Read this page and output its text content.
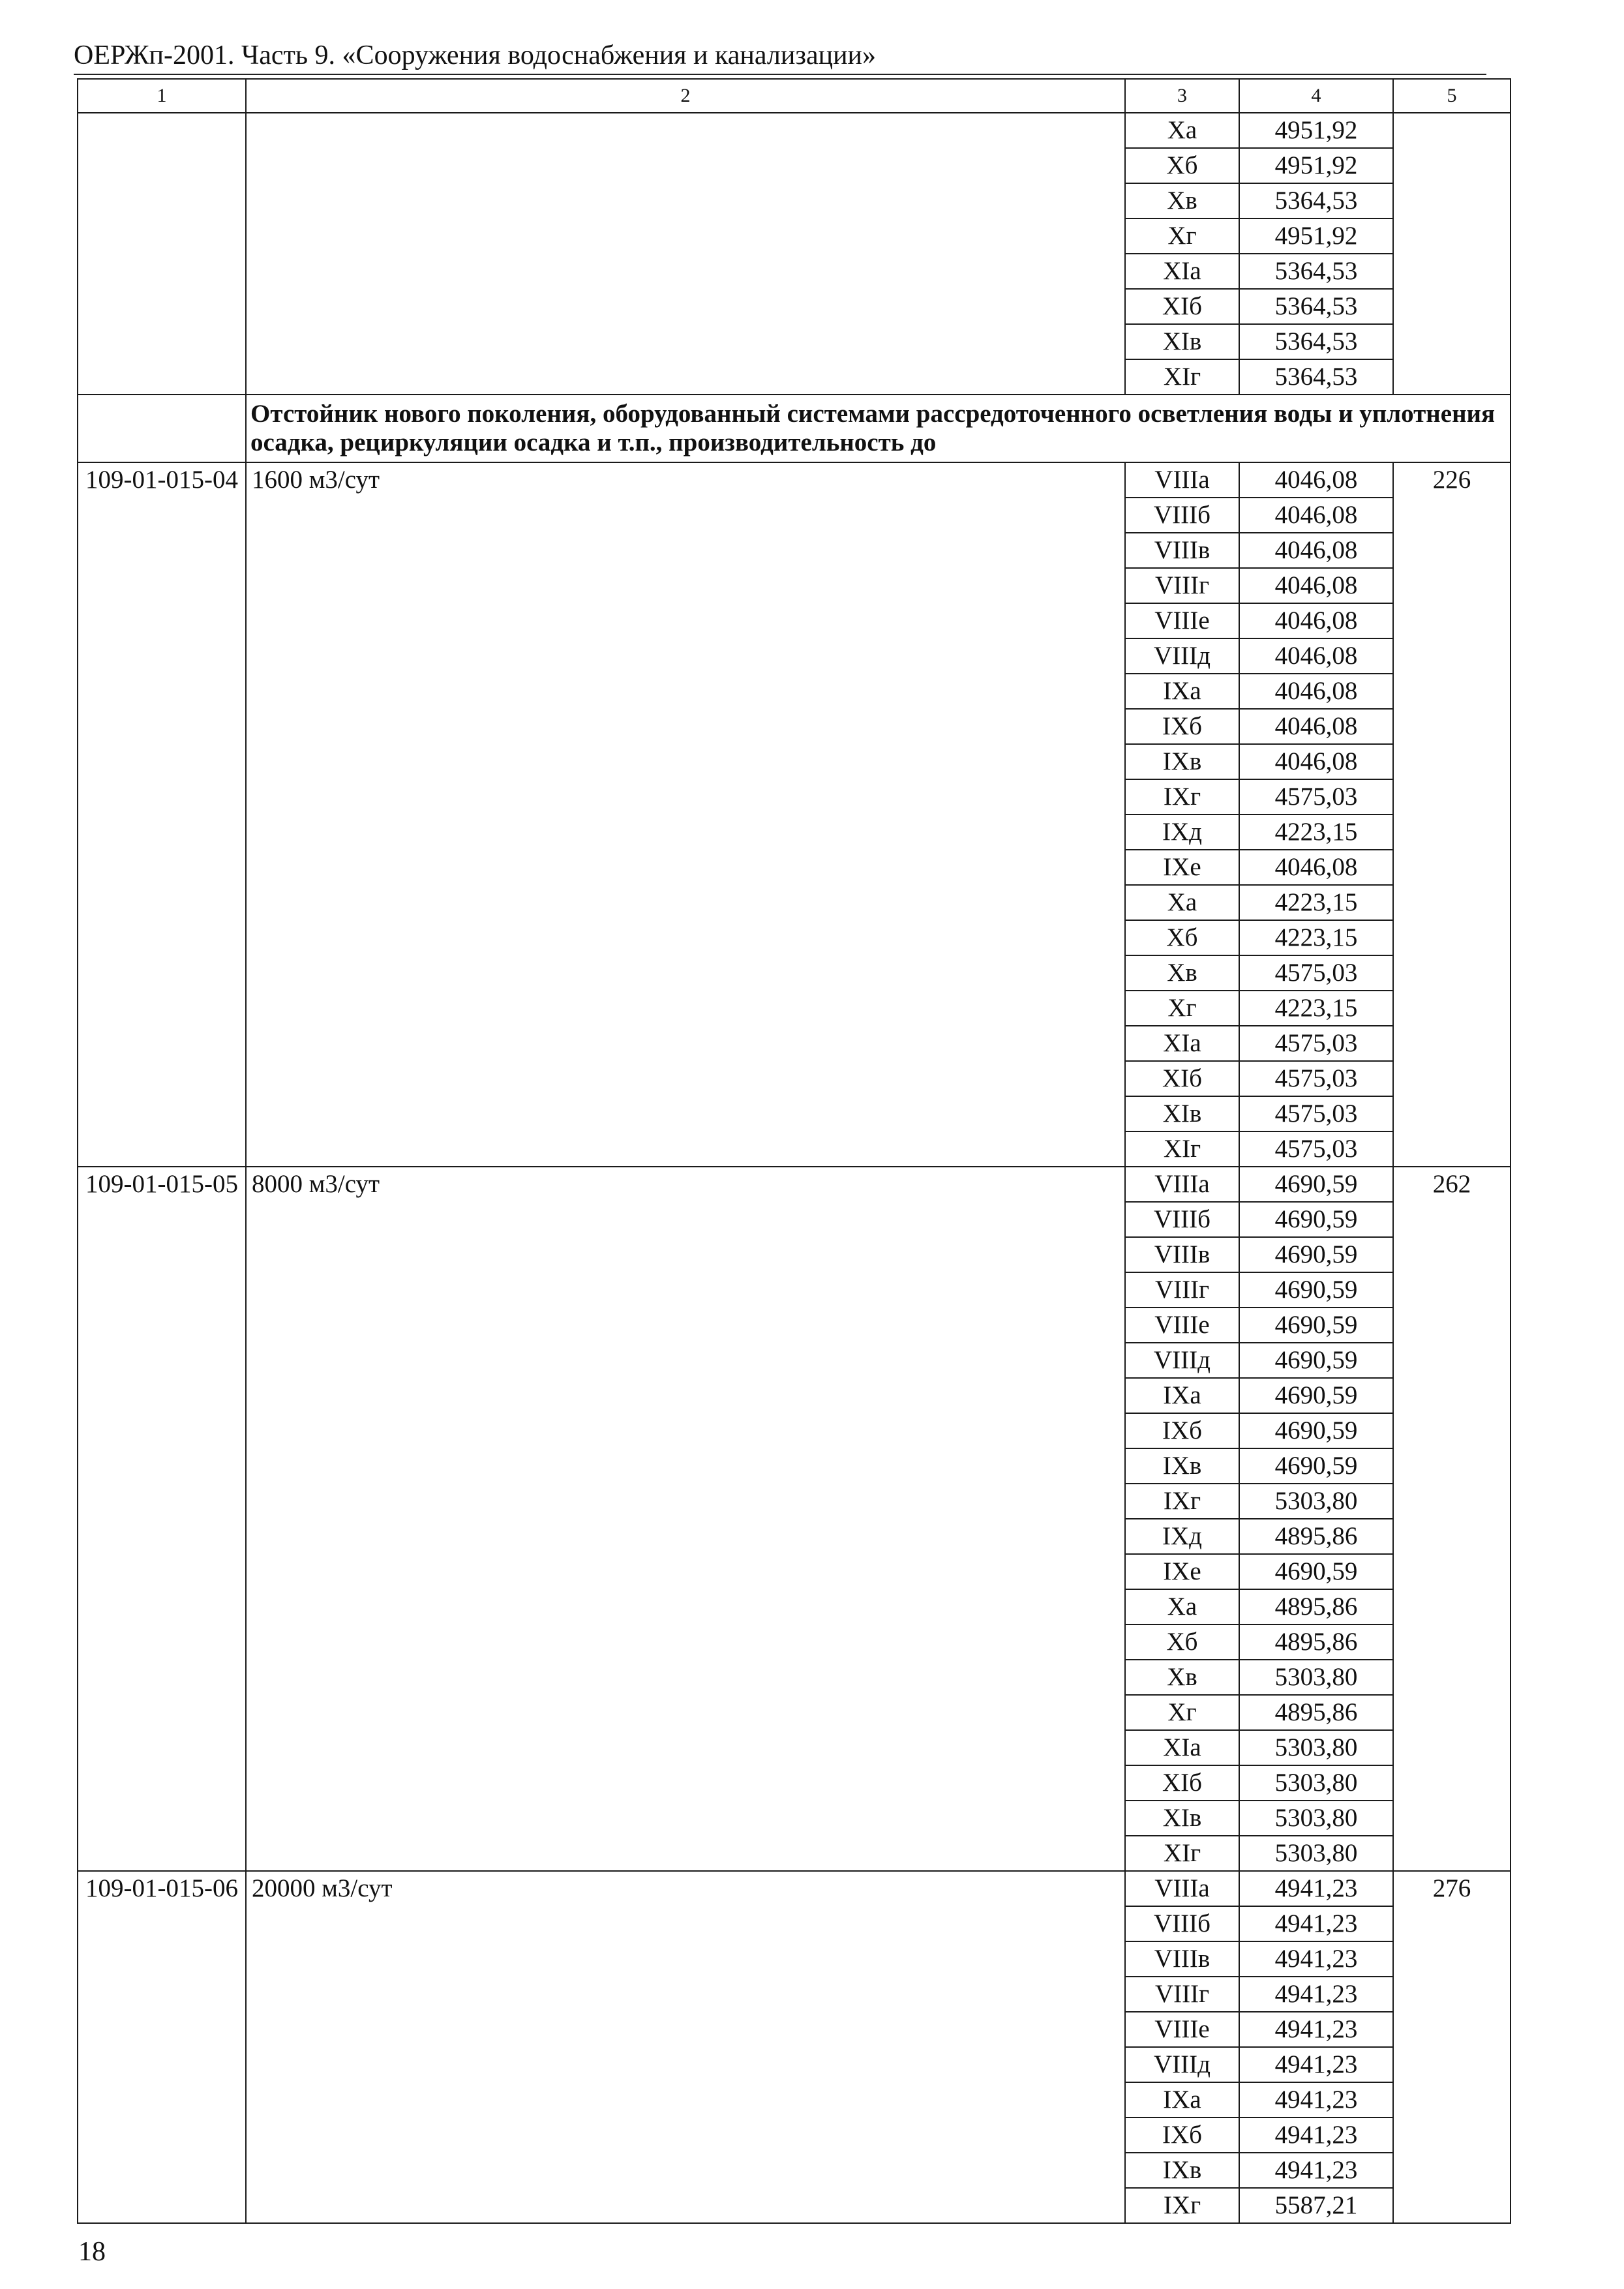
ОЕРЖп-2001. Часть 9. «Сооружения водоснабжения и канализации»
1	2	3	4	5
		Xa	4951,92	
		Xб	4951,92	
		Xв	5364,53	
		Xг	4951,92	
		XIa	5364,53	
		XIб	5364,53	
		XIв	5364,53	
		XIг	5364,53	
	Отстойник нового поколения, оборудованный системами рассредоточенного осветления воды и уплотнения осадка, рециркуляции осадка и т.п., производительность до			
109-01-015-04	1600 м3/сут	VIIIa	4046,08	226
		VIIIб	4046,08	
		VIIIв	4046,08	
		VIIIг	4046,08	
		VIIIe	4046,08	
		VIIIд	4046,08	
		IXa	4046,08	
		IXб	4046,08	
		IXв	4046,08	
		IXг	4575,03	
		IXд	4223,15	
		IXe	4046,08	
		Xa	4223,15	
		Xб	4223,15	
		Xв	4575,03	
		Xг	4223,15	
		XIa	4575,03	
		XIб	4575,03	
		XIв	4575,03	
		XIг	4575,03	
109-01-015-05	8000 м3/сут	VIIIa	4690,59	262
		VIIIб	4690,59	
		VIIIв	4690,59	
		VIIIг	4690,59	
		VIIIe	4690,59	
		VIIIд	4690,59	
		IXa	4690,59	
		IXб	4690,59	
		IXв	4690,59	
		IXг	5303,80	
		IXд	4895,86	
		IXe	4690,59	
		Xa	4895,86	
		Xб	4895,86	
		Xв	5303,80	
		Xг	4895,86	
		XIa	5303,80	
		XIб	5303,80	
		XIв	5303,80	
		XIг	5303,80	
109-01-015-06	20000 м3/сут	VIIIa	4941,23	276
		VIIIб	4941,23	
		VIIIв	4941,23	
		VIIIг	4941,23	
		VIIIe	4941,23	
		VIIIд	4941,23	
		IXa	4941,23	
		IXб	4941,23	
		IXв	4941,23	
		IXг	5587,21	
18
